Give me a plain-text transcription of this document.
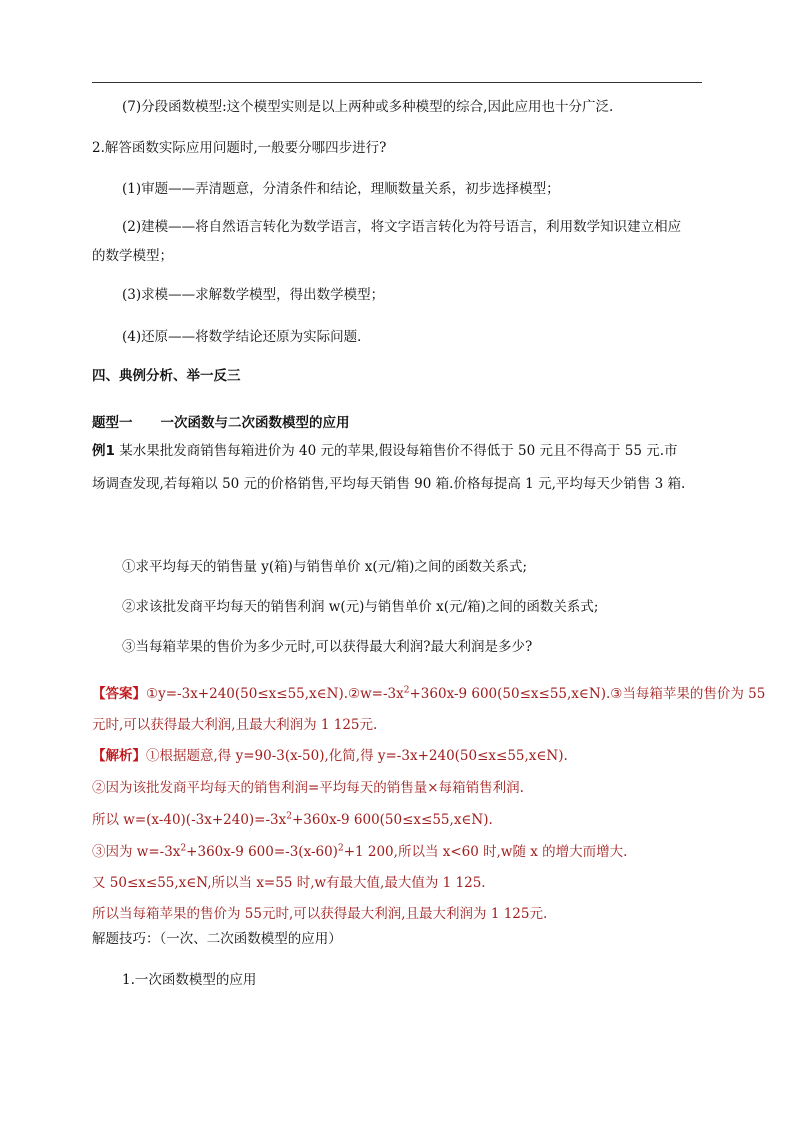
(7)分段函数模型:这个模型实则是以上两种或多种模型的综合,因此应用也十分广泛.
2.解答函数实际应用问题时,一般要分哪四步进行?
(1)审题——弄清题意，分清条件和结论，理顺数量关系，初步选择模型；
(2)建模——将自然语言转化为数学语言，将文字语言转化为符号语言，利用数学知识建立相应
的数学模型；
(3)求模——求解数学模型，得出数学模型；
(4)还原——将数学结论还原为实际问题．
四、典例分析、举一反三
题型一 一次函数与二次函数模型的应用
例1 某水果批发商销售每箱进价为 40 元的苹果,假设每箱售价不得低于 50 元且不得高于 55 元.市
场调查发现,若每箱以 50 元的价格销售,平均每天销售 90 箱.价格每提高 1 元,平均每天少销售 3 箱.
①求平均每天的销售量 y(箱)与销售单价 x(元/箱)之间的函数关系式;
②求该批发商平均每天的销售利润 w(元)与销售单价 x(元/箱)之间的函数关系式;
③当每箱苹果的售价为多少元时,可以获得最大利润?最大利润是多少?
【答案】$①y=-3x+240(50\le x\le 55,x\in N).②w=-3x^2+360x-9$ 600(50≤x≤55,x∈N).③当每箱苹果的售价为 55
元时,可以获得最大利润,且最大利润为 1 125元.
【解析】①根据题意,得 y=90-3(x-50),化简,得 y=-3x+240(50≤x≤55,x∈N).
②因为该批发商平均每天的销售利润=平均每天的销售量×每箱销售利润.
所以 $w=(x-40)(-3x+240)=-3x^2+360x-9$ 600(50≤x≤55,x∈N).
③因为 $w=-3x^2+360x-9$ $600=-3(x-60)^2+1$ 200,所以当 x<60 时,w随 x 的增大而增大.
又 50≤x≤55,x∈N,所以当 x=55 时,w有最大值,最大值为 1 125.
所以当每箱苹果的售价为 55元时,可以获得最大利润,且最大利润为 1 125元.
解题技巧：（一次、二次函数模型的应用）
1.一次函数模型的应用
